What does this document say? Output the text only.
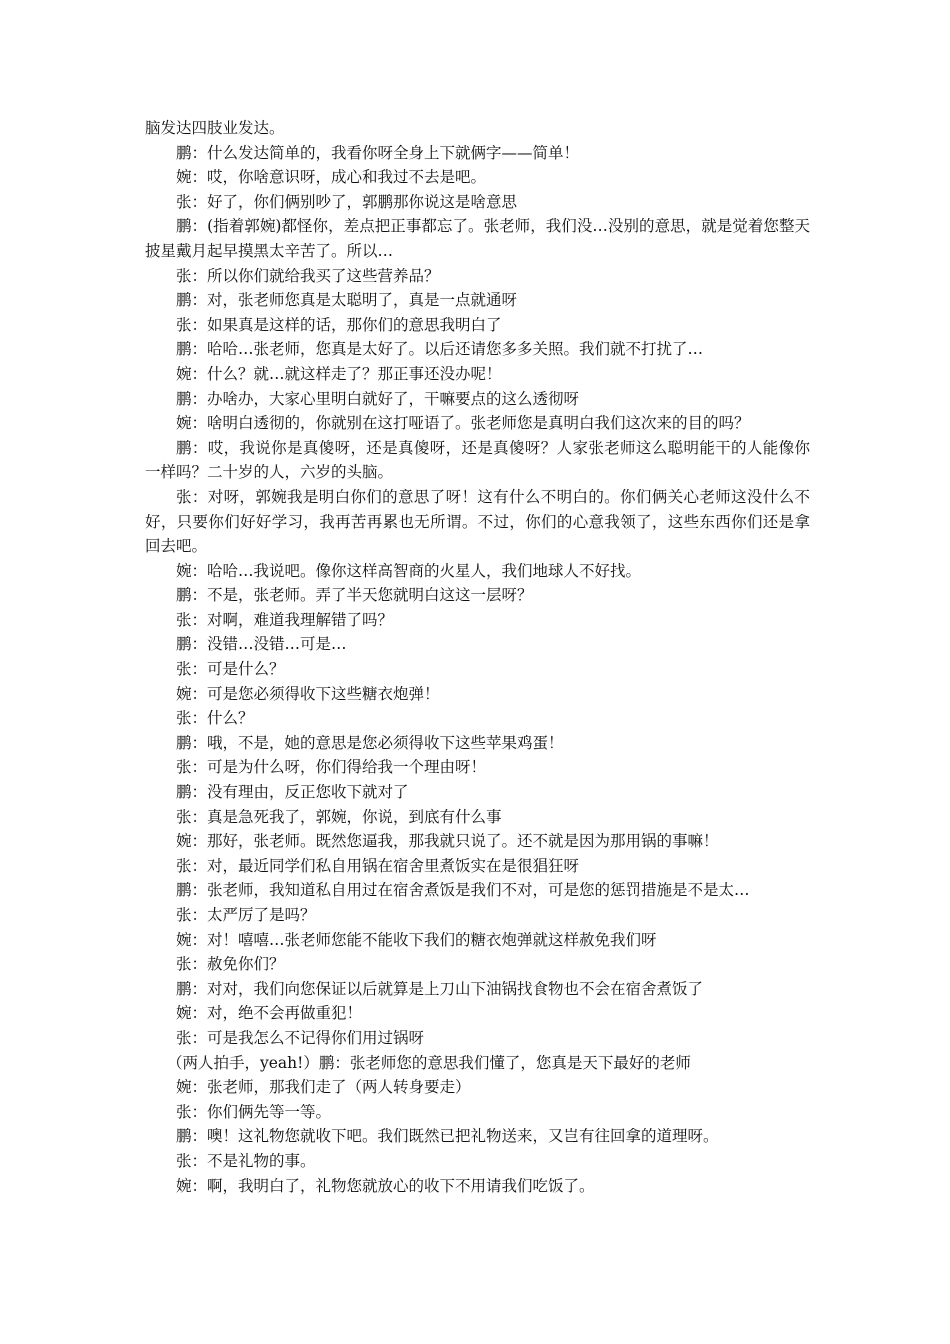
脑发达四肢业发达。

鹏：什么发达简单的，我看你呀全身上下就俩字——简单！

婉：哎，你啥意识呀，成心和我过不去是吧。

张：好了，你们俩别吵了，郭鹏那你说这是啥意思

鹏：(指着郭婉)都怪你，差点把正事都忘了。张老师，我们没…没别的意思，就是觉着您整天披星戴月起早摸黑太辛苦了。所以…

张：所以你们就给我买了这些营养品？

鹏：对，张老师您真是太聪明了，真是一点就通呀

张：如果真是这样的话，那你们的意思我明白了

鹏：哈哈…张老师，您真是太好了。以后还请您多多关照。我们就不打扰了…

婉：什么？就…就这样走了？那正事还没办呢！

鹏：办啥办，大家心里明白就好了，干嘛要点的这么透彻呀

婉：啥明白透彻的，你就别在这打哑语了。张老师您是真明白我们这次来的目的吗？

鹏：哎，我说你是真傻呀，还是真傻呀，还是真傻呀？人家张老师这么聪明能干的人能像你一样吗？二十岁的人，六岁的头脑。

张：对呀，郭婉我是明白你们的意思了呀！这有什么不明白的。你们俩关心老师这没什么不好，只要你们好好学习，我再苦再累也无所谓。不过，你们的心意我领了，这些东西你们还是拿回去吧。

婉：哈哈…我说吧。像你这样高智商的火星人，我们地球人不好找。

鹏：不是，张老师。弄了半天您就明白这这一层呀？

张：对啊，难道我理解错了吗？

鹏：没错…没错…可是…

张：可是什么？

婉：可是您必须得收下这些糖衣炮弹！

张：什么？

鹏：哦，不是，她的意思是您必须得收下这些苹果鸡蛋！

张：可是为什么呀，你们得给我一个理由呀！

鹏：没有理由，反正您收下就对了

张：真是急死我了，郭婉，你说，到底有什么事

婉：那好，张老师。既然您逼我，那我就只说了。还不就是因为那用锅的事嘛！

张：对，最近同学们私自用锅在宿舍里煮饭实在是很猖狂呀

鹏：张老师，我知道私自用过在宿舍煮饭是我们不对，可是您的惩罚措施是不是太…

张：太严厉了是吗？

婉：对！嘻嘻…张老师您能不能收下我们的糖衣炮弹就这样赦免我们呀

张：赦免你们？

鹏：对对，我们向您保证以后就算是上刀山下油锅找食物也不会在宿舍煮饭了

婉：对，绝不会再做重犯！

张：可是我怎么不记得你们用过锅呀

（两人拍手，yeah!）鹏：张老师您的意思我们懂了，您真是天下最好的老师

婉：张老师，那我们走了（两人转身要走）

张：你们俩先等一等。

鹏：噢！这礼物您就收下吧。我们既然已把礼物送来，又岂有往回拿的道理呀。

张：不是礼物的事。

婉：啊，我明白了，礼物您就放心的收下不用请我们吃饭了。
